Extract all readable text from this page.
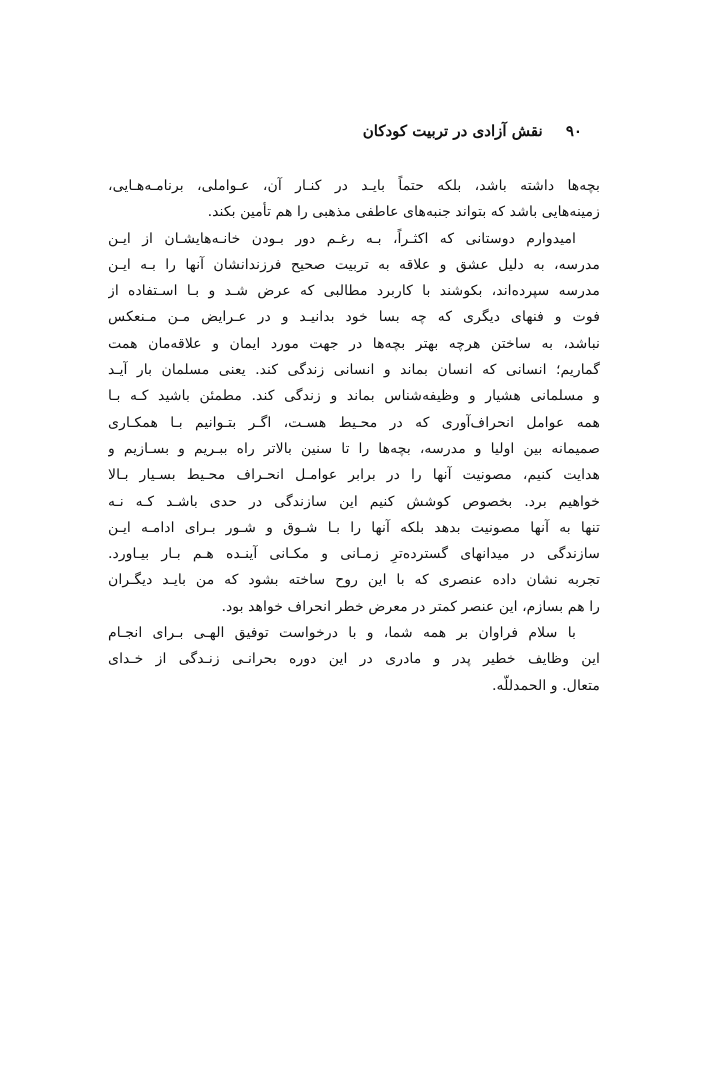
۹۰ نقش آزادی در تربیت کودکان
بچه‌ها داشته باشد، بلکه حتماً بایـد در کنـار آن، عـواملی، برنامـه‌هـایی،
زمینه‌هایی باشد که بتواند جنبه‌های عاطفی مذهبی را هم تأمین بکند.
امیدوارم دوستانی که اکثـراً، بـه رغـم دور بـودن خانـه‌هایشـان از ایـن
مدرسه، به دلیل عشق و علاقه به تربیت صحیح فرزندانشان آنها را بـه ایـن
مدرسه سپرده‌اند، بکوشند با کاربرد مطالبی که عرض شـد و بـا اسـتفاده از
فوت و فنهای دیگری که چه بسا خود بدانیـد و در عـرایض مـن مـنعکس
نباشد، به ساختن هرچه بهتر بچه‌ها در جهت مورد ایمان و علاقه‌مان همت
گماریم؛ انسانی که انسان بماند و انسانی زندگی کند. یعنی مسلمان بار آیـد
و مسلمانی هشیار و وظیفه‌شناس بماند و زندگی کند. مطمئن باشید کـه بـا
همه عوامل انحراف‌آوری که در محـیط هسـت، اگـر بتـوانیم بـا همکـاری
صمیمانه بین اولیا و مدرسه، بچه‌ها را تا سنین بالاتر راه ببـریم و بسـازیم و
هدایت کنیم، مصونیت آنها را در برابر عوامـل انحـراف محـیط بسـیار بـالا
خواهیم برد. بخصوص کوشش کنیم این سازندگی در حدی باشـد کـه نـه
تنها به آنها مصونیت بدهد بلکه آنها را بـا شـوق و شـور بـرای ادامـه ایـن
سازندگی در میدانهای گسترده‌ترِ زمـانی و مکـانی آینـده هـم بـار بیـاورد.
تجربه نشان داده عنصری که با این روح ساخته بشود که من بایـد دیگـران
را هم بسازم، این عنصر کمتر در معرض خطر انحراف خواهد بود.
با سلام فراوان بر همه شما، و با درخواست توفیق الهـی بـرای انجـام
این وظایف خطیر پدر و مادری در این دوره بحرانـی زنـدگی از خـدای
متعال. و الحمدللّه.
